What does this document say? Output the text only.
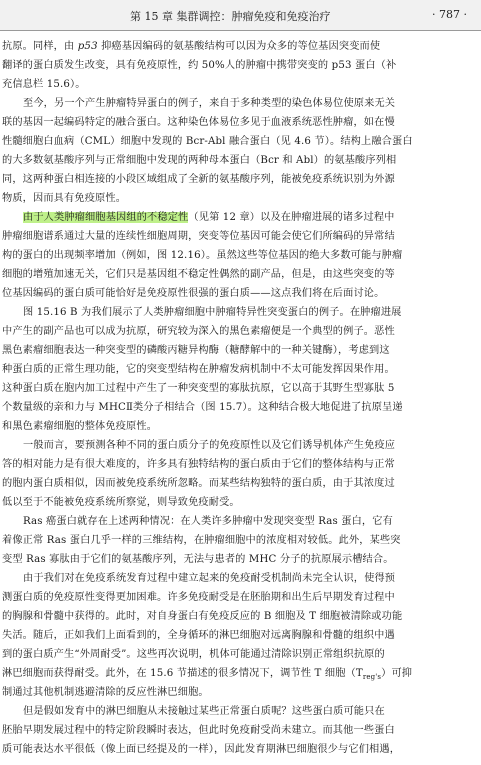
第 15 章 集群调控：肿瘤免疫和免疫治疗	· 787 ·
抗原。同样，由 p53 抑癌基因编码的氨基酸结构可以因为众多的等位基因突变而使
翻译的蛋白质发生改变，具有免疫原性，约 50%人的肿瘤中携带突变的 p53 蛋白（补
充信息栏 15.6）。
至今，另一个产生肿瘤特异蛋白的例子，来自于多种类型的染色体易位使原来无关
联的基因一起编码特定的融合蛋白。这种染色体易位多见于血液系统恶性肿瘤，如在慢
性髓细胞白血病（CML）细胞中发现的 Bcr-Abl 融合蛋白（见 4.6 节）。结构上融合蛋白
的大多数氨基酸序列与正常细胞中发现的两种母本蛋白（Bcr 和 Abl）的氨基酸序列相
同，这两种蛋白相连接的小段区域组成了全新的氨基酸序列，能被免疫系统识别为外源
物质，因而具有免疫原性。
由于人类肿瘤细胞基因组的不稳定性（见第 12 章）以及在肿瘤进展的诸多过程中
肿瘤细胞谱系通过大量的连续性细胞周期，突变等位基因可能会使它们所编码的异常结
构的蛋白的出现频率增加（例如，图 12.16）。虽然这些等位基因的绝大多数可能与肿瘤
细胞的增殖加速无关，它们只是基因组不稳定性偶然的副产品，但是，由这些突变的等
位基因编码的蛋白质可能恰好是免疫原性很强的蛋白质——这点我们将在后面讨论。
图 15.16 B 为我们展示了人类肿瘤细胞中肿瘤特异性突变蛋白的例子。在肿瘤进展
中产生的副产品也可以成为抗原，研究较为深入的黑色素瘤便是一个典型的例子。恶性
黑色素瘤细胞表达一种突变型的磷酸丙糖异构酶（糖酵解中的一种关键酶），考虑到这
种蛋白质的正常生理功能，它的突变型结构在肿瘤发病机制中不太可能发挥因果作用。
这种蛋白质在胞内加工过程中产生了一种突变型的寡肽抗原，它以高于其野生型寡肽 5
个数量级的亲和力与 MHCⅡ类分子相结合（图 15.7）。这种结合极大地促进了抗原呈递
和黑色素瘤细胞的整体免疫原性。
一般而言，要预测各种不同的蛋白质分子的免疫原性以及它们诱导机体产生免疫应
答的相对能力是有很大难度的，许多具有独特结构的蛋白质由于它们的整体结构与正常
的胞内蛋白质相似，因而被免疫系统所忽略。而某些结构独特的蛋白质，由于其浓度过
低以至于不能被免疫系统所察觉，则导致免疫耐受。
Ras 癌蛋白就存在上述两种情况：在人类许多肿瘤中发现突变型 Ras 蛋白，它有
着像正常 Ras 蛋白几乎一样的三维结构，在肿瘤细胞中的浓度相对较低。此外，某些突
变型 Ras 寡肽由于它们的氨基酸序列，无法与患者的 MHC 分子的抗原展示槽结合。
由于我们对在免疫系统发育过程中建立起来的免疫耐受机制尚未完全认识，使得预
测蛋白质的免疫原性变得更加困难。许多免疫耐受是在胚胎期和出生后早期发育过程中
的胸腺和骨髓中获得的。此时，对自身蛋白有免疫反应的 B 细胞及 T 细胞被清除或功能
失活。随后，正如我们上面看到的，全身循环的淋巴细胞对远离胸腺和骨髓的组织中遇
到的蛋白质产生“外周耐受”。这些再次说明，机体可能通过清除识别正常组织抗原的
淋巴细胞而获得耐受。此外，在 15.6 节描述的很多情况下，调节性 T 细胞$(T_{reg's})$可抑
制通过其他机制逃避清除的反应性淋巴细胞。
但是假如发育中的淋巴细胞从未接触过某些正常蛋白质呢？这些蛋白质可能只在
胚胎早期发展过程中的特定阶段瞬时表达，但此时免疫耐受尚未建立。而其他一些蛋白
质可能表达水平很低（像上面已经提及的一样），因此发育期淋巴细胞很少与它们相遇，
